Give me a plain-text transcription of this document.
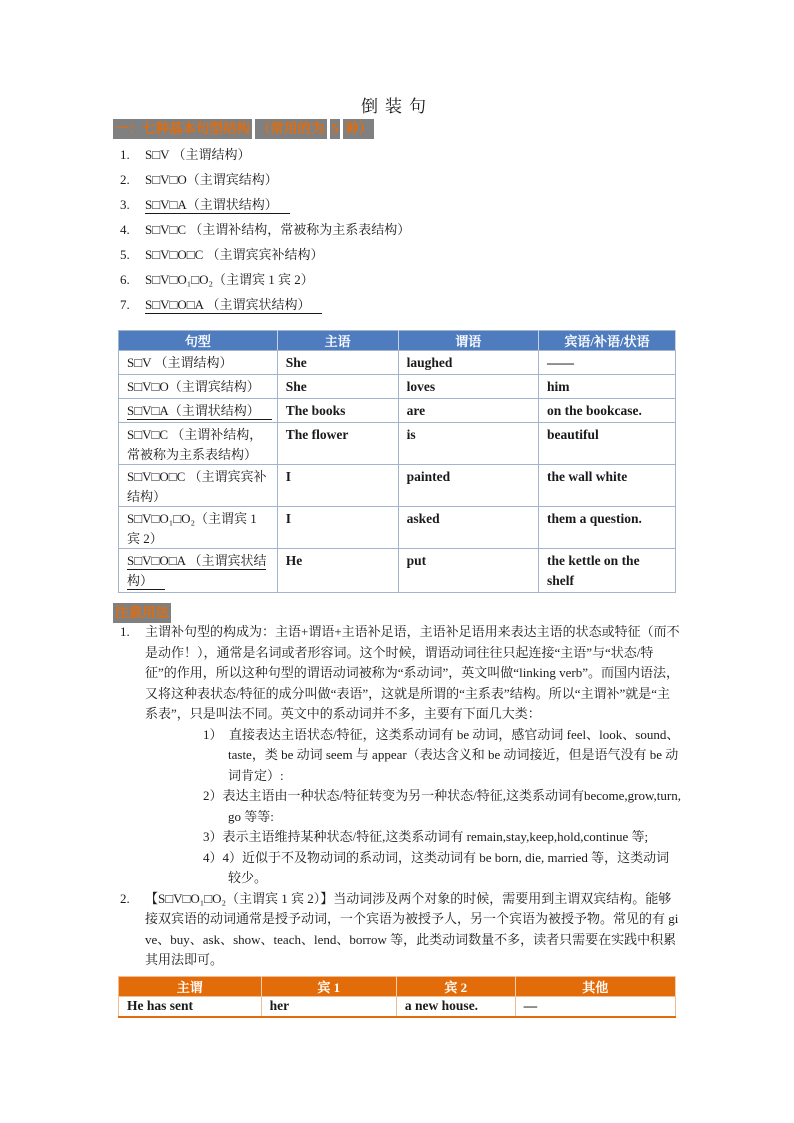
倒装句
一：七种基本句型结构 （常用的为 5 种）
1. S□V （主谓结构）
2. S□V□O（主谓宾结构）
3. S□V□A（主谓状结构）
4. S□V□C （主谓补结构，常被称为主系表结构）
5. S□V□O□C （主谓宾宾补结构）
6. S□V□O₁□O₂（主谓宾 1 宾 2）
7. S□V□O□A （主谓宾状结构）
句型	主语	谓语	宾语/补语/状语
S□V （主谓结构）	She	laughed	——
S□V□O（主谓宾结构）	She	loves	him
S□V□A（主谓状结构）	The books	are	on the bookcase.
S□V□C （主谓补结构，常被称为主系表结构）	The flower	is	beautiful
S□V□O□C （主谓宾宾补结构）	I	painted	the wall white
S□V□O₁□O₂（主谓宾 1 宾 2）	I	asked	them a question.
S□V□O□A （主谓宾状结构）	He	put	the kettle on the shelf
注意用法
1. 主谓补句型的构成为：主语+谓语+主语补足语，主语补足语用来表达主语的状态或特征（而不是动作！），通常是名词或者形容词。这个时候，谓语动词往往只起连接“主语”与“状态/特征”的作用，所以这种句型的谓语动词被称为“系动词”，英文叫做“linking verb”。而国内语法，又将这种表状态/特征的成分叫做“表语”，这就是所谓的“主系表”结构。所以“主谓补”就是“主系表”，只是叫法不同。英文中的系动词并不多，主要有下面几大类：
1）　 直接表达主语状态/特征，这类系动词有 be 动词，感官动词 feel、look、sound、taste，类 be 动词 seem 与 appear（表达含义和 be 动词接近，但是语气没有 be 动词肯定）:
2）表达主语由一种状态/特征转变为另一种状态/特征,这类系动词有become,grow,turn, go 等等:
3）表示主语维持某种状态/特征,这类系动词有 remain,stay,keep,hold,continue 等;
4）4）近似于不及物动词的系动词，这类动词有 be born, die, married 等，这类动词较少。
2. 【S□V□O₁□O₂（主谓宾 1 宾 2）】当动词涉及两个对象的时候，需要用到主谓双宾结构。能够接双宾语的动词通常是授予动词，一个宾语为被授予人，另一个宾语为被授予物。常见的有 give、buy、ask、show、teach、lend、borrow 等，此类动词数量不多，读者只需要在实践中积累其用法即可。
主谓	宾 1	宾 2	其他
He has sent	her	a new house.	—
